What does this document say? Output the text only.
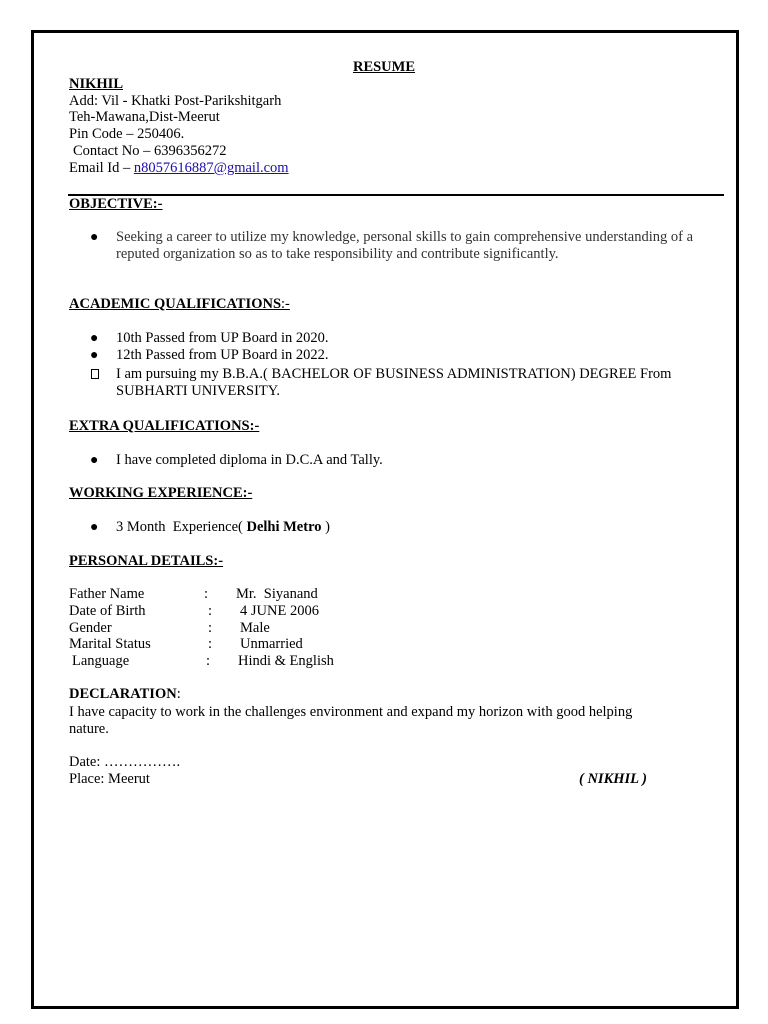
RESUME
NIKHIL
Add: Vil - Khatki Post-Parikshitgarh
Teh-Mawana,Dist-Meerut
Pin Code – 250406.
Contact No – 6396356272
Email Id – n8057616887@gmail.com
OBJECTIVE:-
● Seeking a career to utilize my knowledge, personal skills to gain comprehensive understanding of a reputed organization so as to take responsibility and contribute significantly.
ACADEMIC QUALIFICATIONS:-
● 10th Passed from UP Board in 2020.
● 12th Passed from UP Board in 2022.
I am pursuing my B.B.A.( BACHELOR OF BUSINESS ADMINISTRATION) DEGREE From SUBHARTI UNIVERSITY.
EXTRA QUALIFICATIONS:-
● I have completed diploma in D.C.A and Tally.
WORKING EXPERIENCE:-
● 3 Month  Experience( Delhi Metro )
PERSONAL DETAILS:-
Father Name	:	Mr.  Siyanand
Date of Birth	:	4 JUNE 2006
Gender	:	Male
Marital Status	:	Unmarried
Language	:	Hindi & English
DECLARATION:
I have capacity to work in the challenges environment and expand my horizon with good helping nature.
Date: …………….
Place: Meerut	( NIKHIL )
